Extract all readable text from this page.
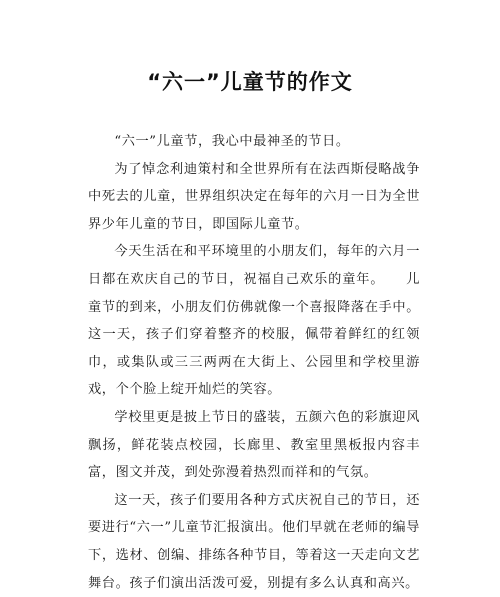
“六一”儿童节的作文

“六一”儿童节，我心中最神圣的节日。

为了悼念利迪策村和全世界所有在法西斯侵略战争中死去的儿童，世界组织决定在每年的六月一日为全世界少年儿童的节日，即国际儿童节。

今天生活在和平环境里的小朋友们，每年的六月一日都在欢庆自己的节日，祝福自己欢乐的童年。　　儿童节的到来，小朋友们仿佛就像一个喜报降落在手中。这一天，孩子们穿着整齐的校服，佩带着鲜红的红领巾，或集队或三三两两在大街上、公园里和学校里游戏，个个脸上绽开灿烂的笑容。

学校里更是披上节日的盛装，五颜六色的彩旗迎风飘扬，鲜花装点校园，长廊里、教室里黑板报内容丰富，图文并茂，到处弥漫着热烈而祥和的气氛。

这一天，孩子们要用各种方式庆祝自己的节日，还要进行“六一”儿童节汇报演出。他们早就在老师的编导下，选材、创编、排练各种节目，等着这一天走向文艺舞台。孩子们演出活泼可爱，别提有多么认真和高兴。
